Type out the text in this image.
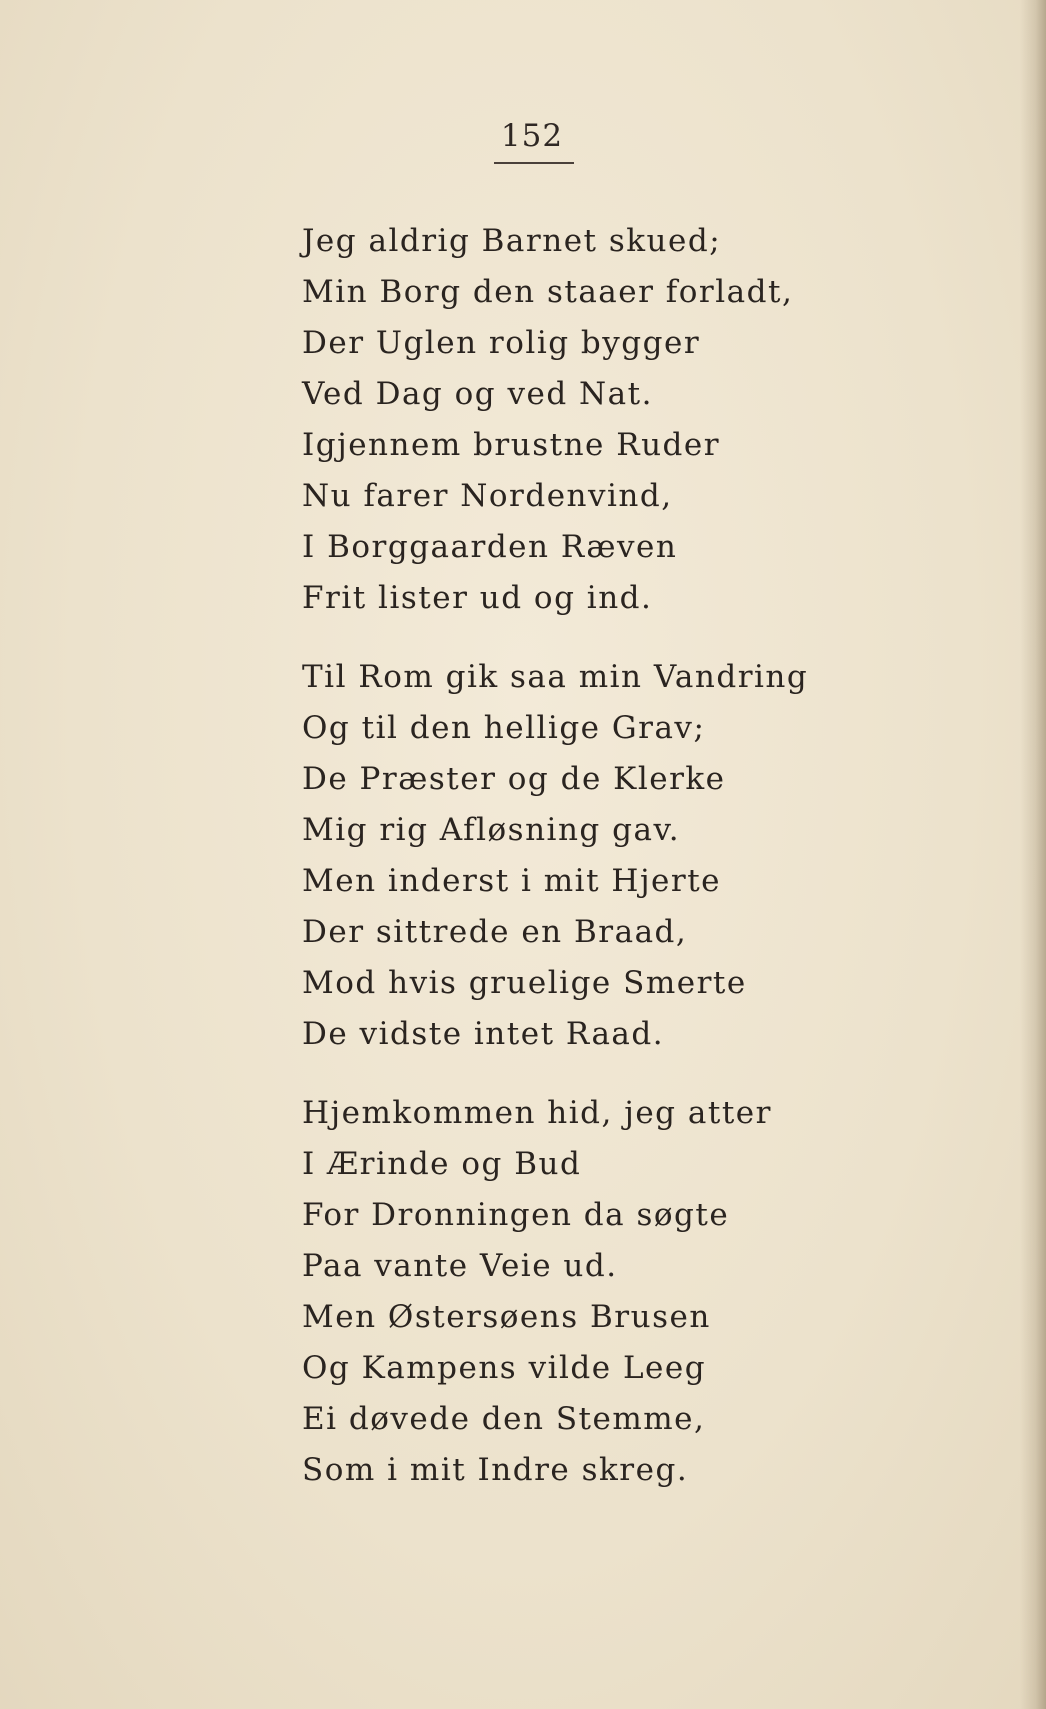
152
Jeg aldrig Barnet skued;
Min Borg den staaer forladt,
Der Uglen rolig bygger
Ved Dag og ved Nat.
Igjennem brustne Ruder
Nu farer Nordenvind,
I Borggaarden Ræven
Frit lister ud og ind.
Til Rom gik saa min Vandring
Og til den hellige Grav;
De Præster og de Klerke
Mig rig Afløsning gav.
Men inderst i mit Hjerte
Der sittrede en Braad,
Mod hvis gruelige Smerte
De vidste intet Raad.
Hjemkommen hid, jeg atter
I Ærinde og Bud
For Dronningen da søgte
Paa vante Veie ud.
Men Østersøens Brusen
Og Kampens vilde Leeg
Ei døvede den Stemme,
Som i mit Indre skreg.
